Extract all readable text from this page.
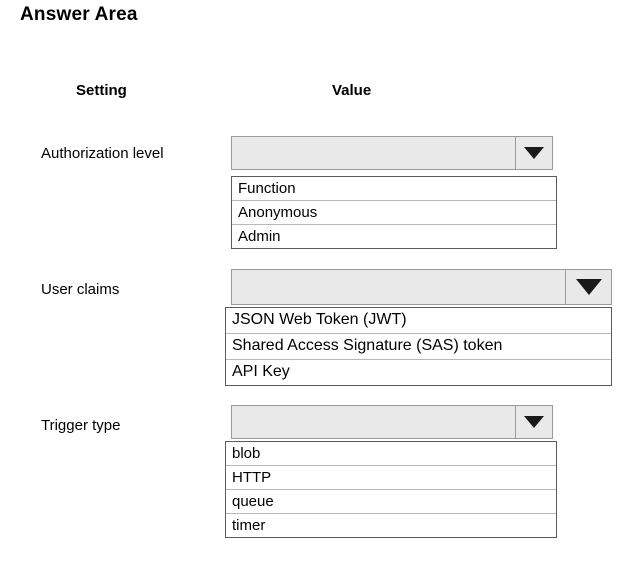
Answer Area
Setting	Value
Authorization level
Function
Anonymous
Admin
User claims
JSON Web Token (JWT)
Shared Access Signature (SAS) token
API Key
Trigger type
blob
HTTP
queue
timer
